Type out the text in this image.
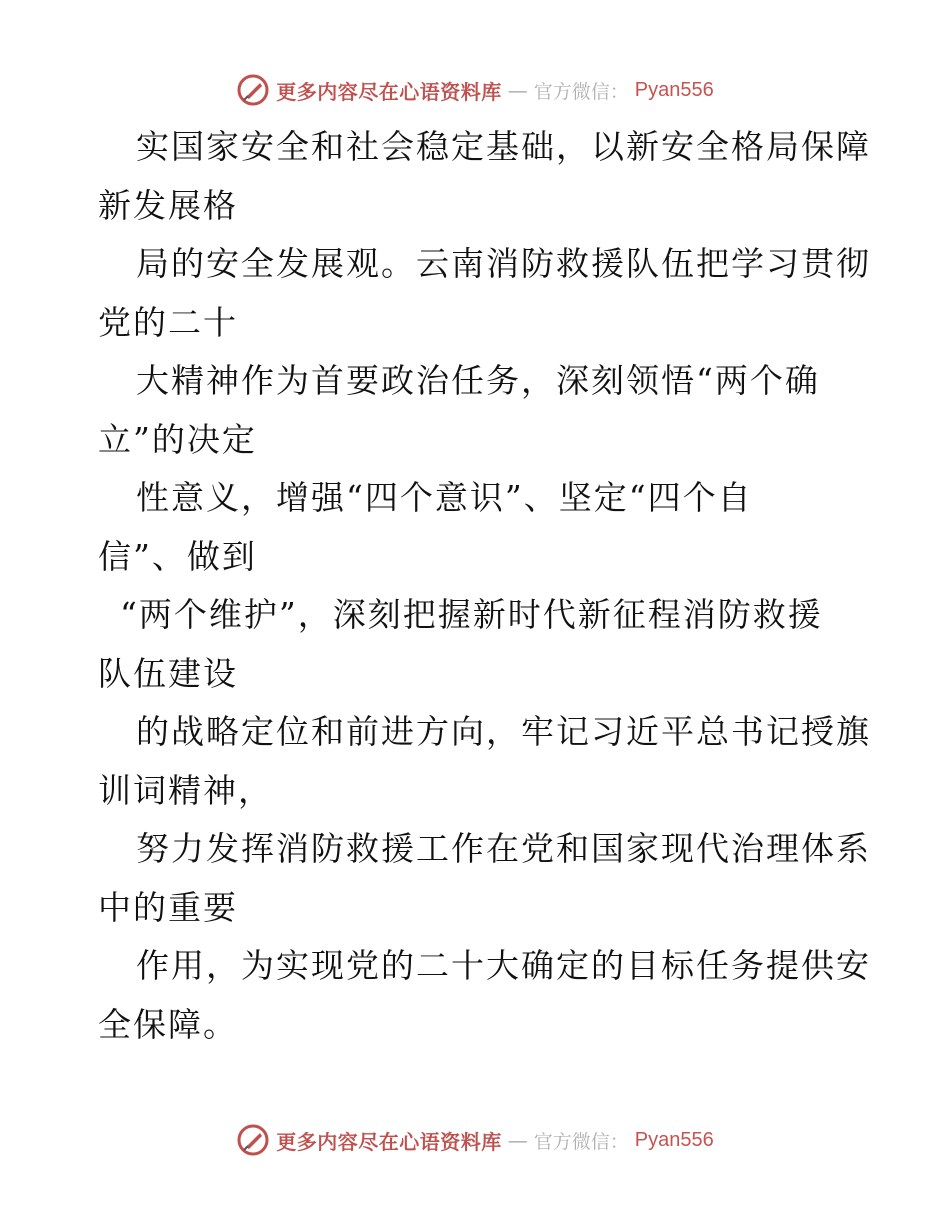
更多内容尽在心语资料库 — 官方微信： Pyan556
实国家安全和社会稳定基础，以新安全格局保障
新发展格
局的安全发展观。云南消防救援队伍把学习贯彻
党的二十
大精神作为首要政治任务，深刻领悟“两个确
立”的决定
性意义，增强“四个意识”、坚定“四个自
信”、做到
“两个维护”，深刻把握新时代新征程消防救援
队伍建设
的战略定位和前进方向，牢记习近平总书记授旗
训词精神，
努力发挥消防救援工作在党和国家现代治理体系
中的重要
作用，为实现党的二十大确定的目标任务提供安
全保障。
更多内容尽在心语资料库 — 官方微信： Pyan556
